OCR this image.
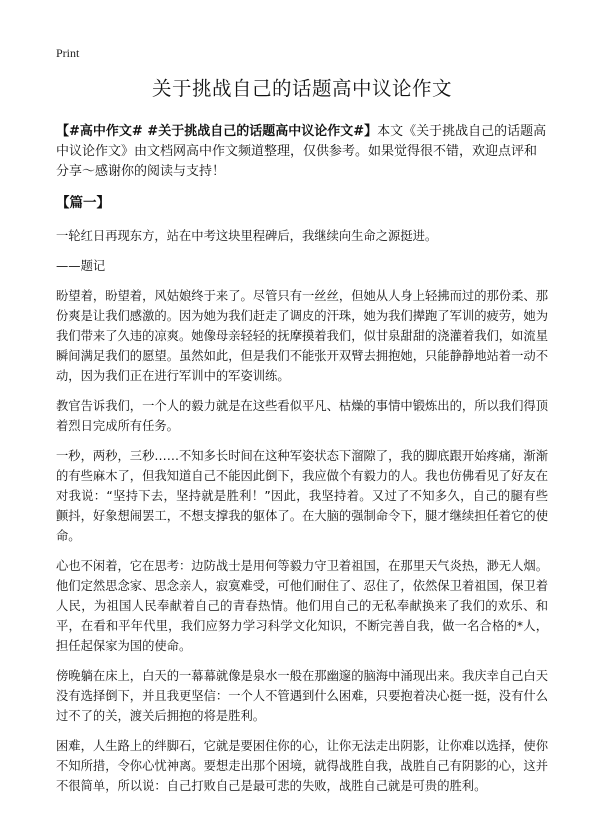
Print
关于挑战自己的话题高中议论作文

【#高中作文# #关于挑战自己的话题高中议论作文#】本文《关于挑战自己的话题高中议论作文》由文档网高中作文频道整理，仅供参考。如果觉得很不错，欢迎点评和分享～感谢你的阅读与支持！

【篇一】

一轮红日再现东方，站在中考这块里程碑后，我继续向生命之源挺进。

——题记

盼望着，盼望着，风姑娘终于来了。尽管只有一丝丝，但她从人身上轻拂而过的那份柔、那份爽是让我们感激的。因为她为我们赶走了调皮的汗珠，她为我们撵跑了军训的疲劳，她为我们带来了久违的凉爽。她像母亲轻轻的抚摩摸着我们，似甘泉甜甜的浇灌着我们，如流星瞬间满足我们的愿望。虽然如此，但是我们不能张开双臂去拥抱她，只能静静地站着一动不动，因为我们正在进行军训中的军姿训练。

教官告诉我们，一个人的毅力就是在这些看似平凡、枯燥的事情中锻炼出的，所以我们得顶着烈日完成所有任务。

一秒，两秒，三秒……不知多长时间在这种军姿状态下溜隙了，我的脚底跟开始疼痛，渐渐的有些麻木了，但我知道自己不能因此倒下，我应做个有毅力的人。我也仿佛看见了好友在对我说：“坚持下去，坚持就是胜利！”因此，我坚持着。又过了不知多久，自己的腿有些颤抖，好象想闹罢工，不想支撑我的躯体了。在大脑的强制命令下，腿才继续担任着它的使命。

心也不闲着，它在思考：边防战士是用何等毅力守卫着祖国，在那里天气炎热，渺无人烟。他们定然思念家、思念亲人，寂寞难受，可他们耐住了、忍住了，依然保卫着祖国，保卫着人民，为祖国人民奉献着自己的青春热情。他们用自己的无私奉献换来了我们的欢乐、和平，在看和平年代里，我们应努力学习科学文化知识，不断完善自我，做一名合格的*人，担任起保家为国的使命。

傍晚躺在床上，白天的一幕幕就像是泉水一般在那幽邃的脑海中涌现出来。我庆幸自己白天没有选择倒下，并且我更坚信：一个人不管遇到什么困难，只要抱着决心挺一挺，没有什么过不了的关，渡关后拥抱的将是胜利。

困难，人生路上的绊脚石，它就是要困住你的心，让你无法走出阴影，让你难以选择，使你不知所措，令你心忧神离。要想走出那个困境，就得战胜自我，战胜自己有阴影的心，这并不很简单，所以说：自己打败自己是最可悲的失败，战胜自己就是可贵的胜利。
